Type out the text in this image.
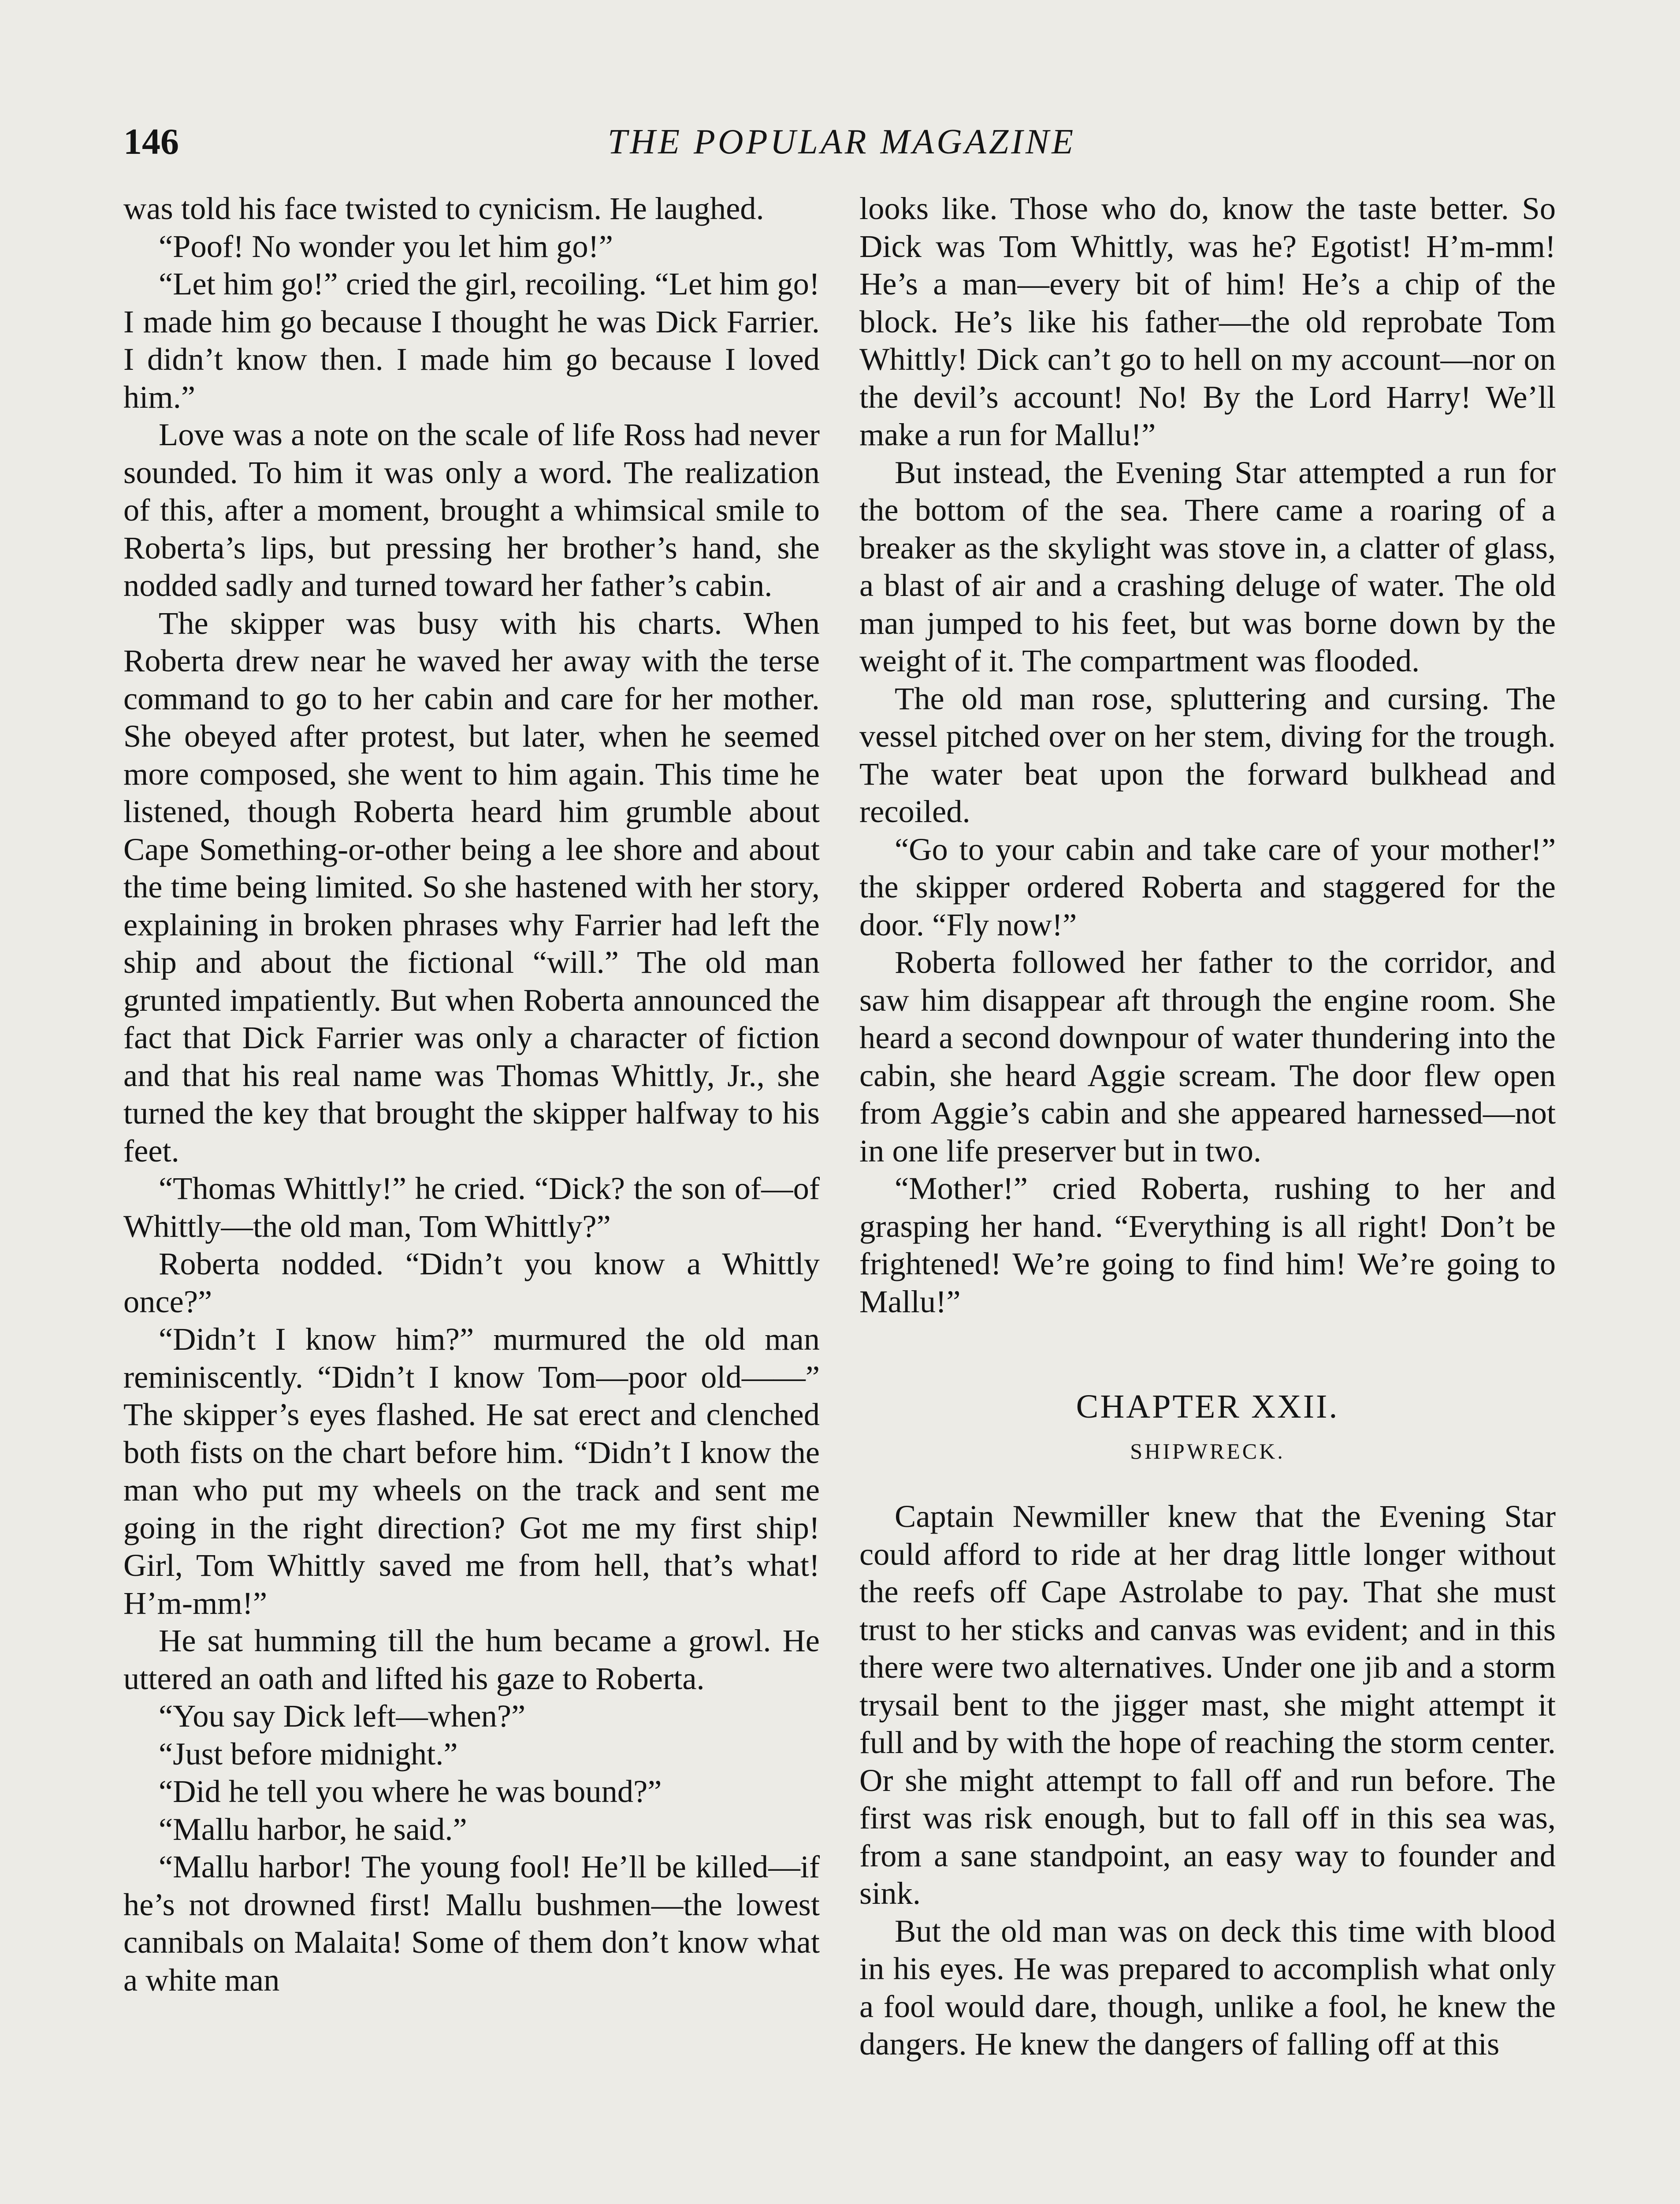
146	THE POPULAR MAGAZINE

was told his face twisted to cynicism. He laughed.

“Poof! No wonder you let him go!”

“Let him go!” cried the girl, recoiling. “Let him go! I made him go because I thought he was Dick Farrier. I didn’t know then. I made him go because I loved him.”

Love was a note on the scale of life Ross had never sounded. To him it was only a word. The realization of this, after a moment, brought a whimsical smile to Roberta’s lips, but pressing her brother’s hand, she nodded sadly and turned toward her father’s cabin.

The skipper was busy with his charts. When Roberta drew near he waved her away with the terse command to go to her cabin and care for her mother. She obeyed after protest, but later, when he seemed more composed, she went to him again. This time he listened, though Roberta heard him grumble about Cape Something-or-other being a lee shore and about the time being limited. So she hastened with her story, explaining in broken phrases why Farrier had left the ship and about the fictional “will.” The old man grunted impatiently. But when Roberta announced the fact that Dick Farrier was only a character of fiction and that his real name was Thomas Whittly, Jr., she turned the key that brought the skipper halfway to his feet.

“Thomas Whittly!” he cried. “Dick? the son of—of Whittly—the old man, Tom Whittly?”

Roberta nodded. “Didn’t you know a Whittly once?”

“Didn’t I know him?” murmured the old man reminiscently. “Didn’t I know Tom—poor old——” The skipper’s eyes flashed. He sat erect and clenched both fists on the chart before him. “Didn’t I know the man who put my wheels on the track and sent me going in the right direction? Got me my first ship! Girl, Tom Whittly saved me from hell, that’s what! H’m-mm!”

He sat humming till the hum became a growl. He uttered an oath and lifted his gaze to Roberta.

“You say Dick left—when?”

“Just before midnight.”

“Did he tell you where he was bound?”

“Mallu harbor, he said.”

“Mallu harbor! The young fool! He’ll be killed—if he’s not drowned first! Mallu bushmen—the lowest cannibals on Malaita! Some of them don’t know what a white man

looks like. Those who do, know the taste better. So Dick was Tom Whittly, was he? Egotist! H’m-mm! He’s a man—every bit of him! He’s a chip of the block. He’s like his father—the old reprobate Tom Whittly! Dick can’t go to hell on my account—nor on the devil’s account! No! By the Lord Harry! We’ll make a run for Mallu!”

But instead, the Evening Star attempted a run for the bottom of the sea. There came a roaring of a breaker as the skylight was stove in, a clatter of glass, a blast of air and a crashing deluge of water. The old man jumped to his feet, but was borne down by the weight of it. The compartment was flooded.

The old man rose, spluttering and cursing. The vessel pitched over on her stem, diving for the trough. The water beat upon the forward bulkhead and recoiled.

“Go to your cabin and take care of your mother!” the skipper ordered Roberta and staggered for the door. “Fly now!”

Roberta followed her father to the corridor, and saw him disappear aft through the engine room. She heard a second downpour of water thundering into the cabin, she heard Aggie scream. The door flew open from Aggie’s cabin and she appeared harnessed—not in one life preserver but in two.

“Mother!” cried Roberta, rushing to her and grasping her hand. “Everything is all right! Don’t be frightened! We’re going to find him! We’re going to Mallu!”

CHAPTER XXII.
SHIPWRECK.

Captain Newmiller knew that the Evening Star could afford to ride at her drag little longer without the reefs off Cape Astrolabe to pay. That she must trust to her sticks and canvas was evident; and in this there were two alternatives. Under one jib and a storm trysail bent to the jigger mast, she might attempt it full and by with the hope of reaching the storm center. Or she might attempt to fall off and run before. The first was risk enough, but to fall off in this sea was, from a sane standpoint, an easy way to founder and sink.

But the old man was on deck this time with blood in his eyes. He was prepared to accomplish what only a fool would dare, though, unlike a fool, he knew the dangers. He knew the dangers of falling off at this
